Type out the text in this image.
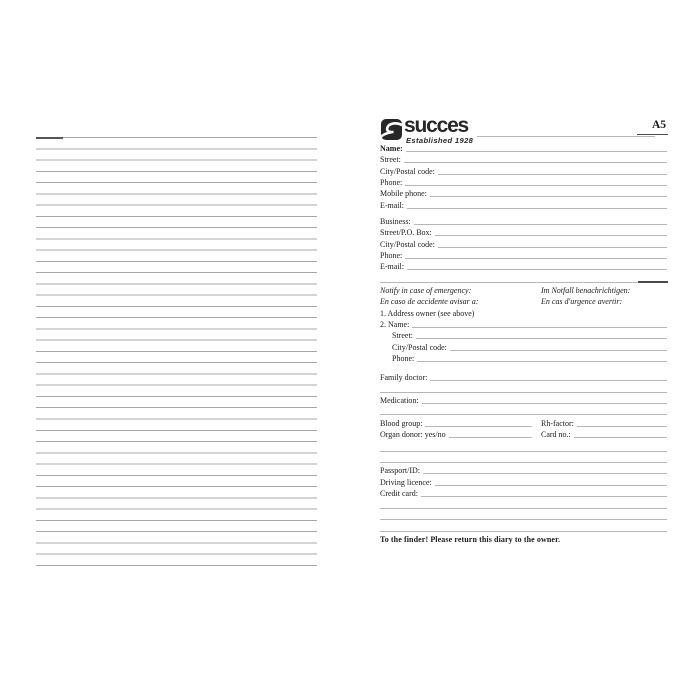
succes
Established 1928
A5
Name:
Street:
City/Postal code:
Phone:
Mobile phone:
E-mail:
Business:
Street/P.O. Box:
City/Postal code:
Phone:
E-mail:
Notify in case of emergency:	Im Notfall benachrichtigen:
En caso de accidente avisar a:	En cas d'urgence avertir:
1. Address owner (see above)
2. Name:
Street:
City/Postal code:
Phone:
Family doctor:
Medication:
Blood group:	Rh-factor:
Organ donor: yes/no	Card no.:
Passport/ID:
Driving licence:
Credit card:
To the finder! Please return this diary to the owner.
